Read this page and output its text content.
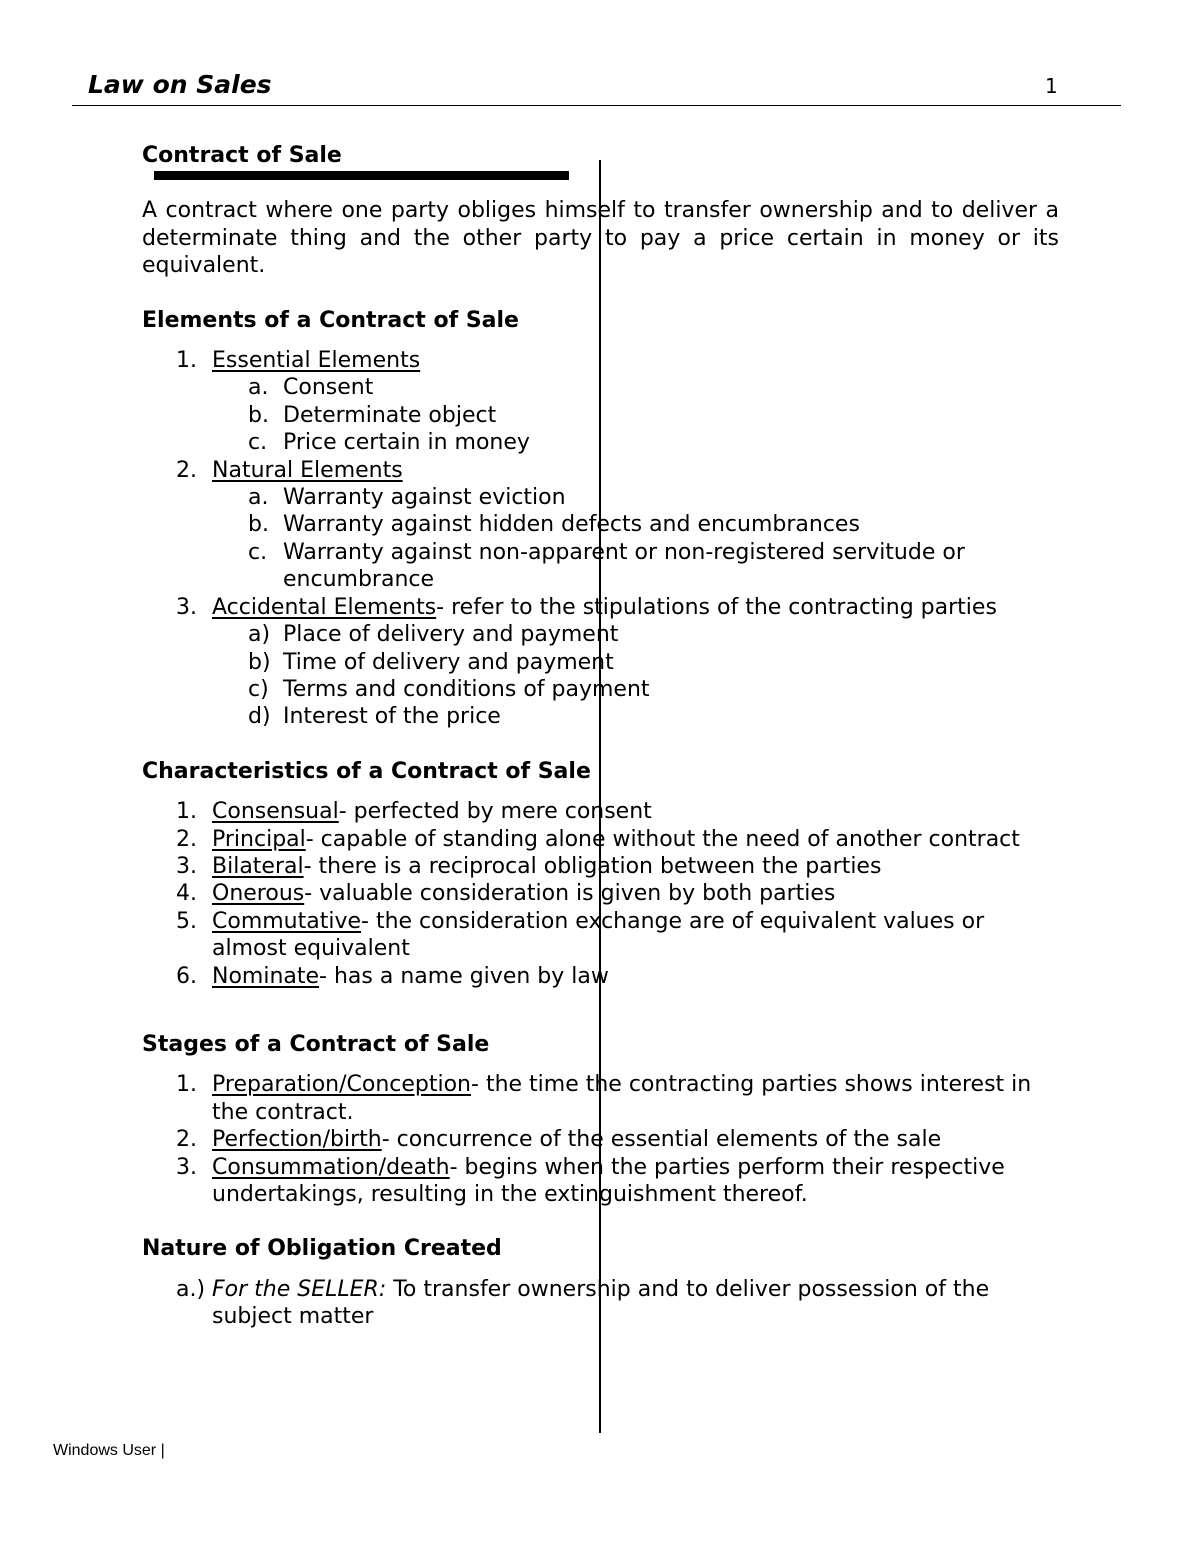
Law on Sales	1

Contract of Sale

A contract where one party obliges himself to transfer ownership and to deliver a determinate thing and the other party to pay a price certain in money or its equivalent.

Elements of a Contract of Sale

1. Essential Elements
a. Consent
b. Determinate object
c. Price certain in money
2. Natural Elements
a. Warranty against eviction
b. Warranty against hidden defects and encumbrances
c. Warranty against non-apparent or non-registered servitude or encumbrance
3. Accidental Elements- refer to the stipulations of the contracting parties
a) Place of delivery and payment
b) Time of delivery and payment
c) Terms and conditions of payment
d) Interest of the price

Characteristics of a Contract of Sale

1. Consensual- perfected by mere consent
2. Principal- capable of standing alone without the need of another contract
3. Bilateral- there is a reciprocal obligation between the parties
4. Onerous- valuable consideration is given by both parties
5. Commutative- the consideration exchange are of equivalent values or almost equivalent
6. Nominate- has a name given by law

Stages of a Contract of Sale

1. Preparation/Conception- the time the contracting parties shows interest in the contract.
2. Perfection/birth- concurrence of the essential elements of the sale
3. Consummation/death- begins when the parties perform their respective undertakings, resulting in the extinguishment thereof.

Nature of Obligation Created

a.) For the SELLER: To transfer ownership and to deliver possession of the subject matter
Windows User |
